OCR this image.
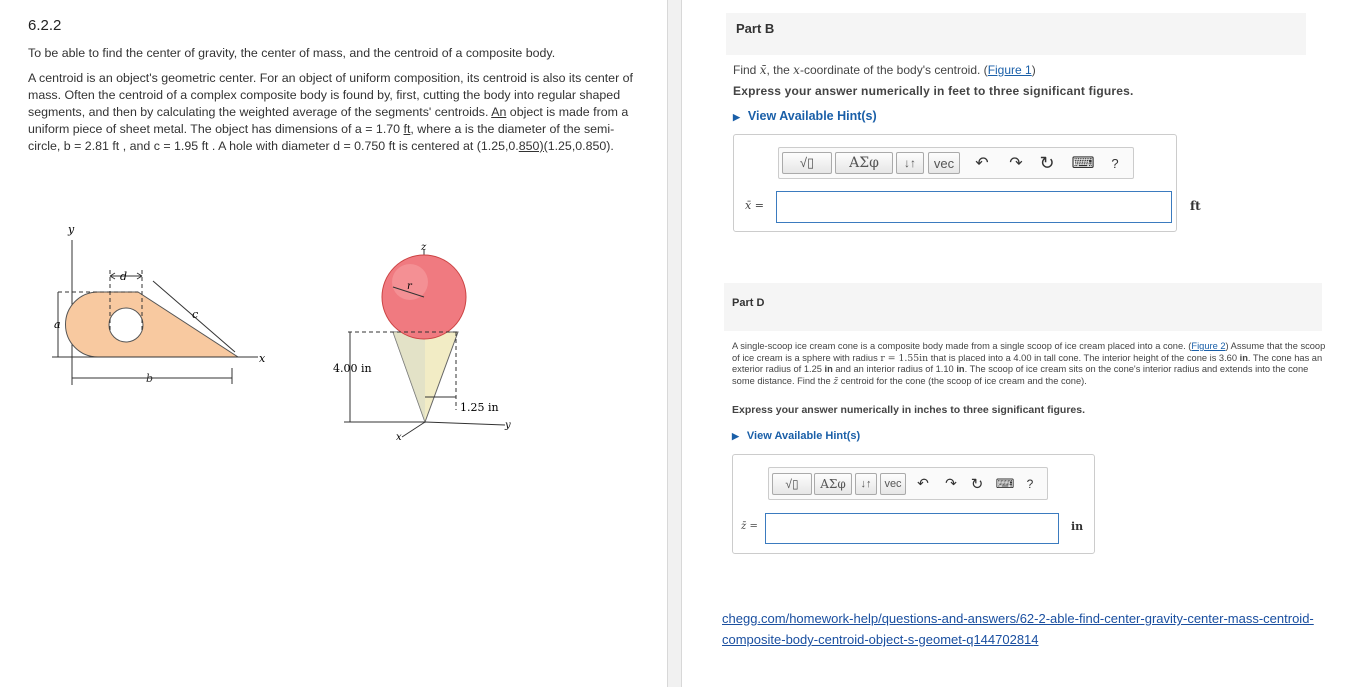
6.2.2
To be able to find the center of gravity, the center of mass, and the centroid of a composite body.
A centroid is an object's geometric center. For an object of uniform composition, its centroid is also its center of mass. Often the centroid of a complex composite body is found by, first, cutting the body into regular shaped segments, and then by calculating the weighted average of the segments' centroids. An object is made from a uniform piece of sheet metal. The object has dimensions of a = 1.70 ft, where a is the diameter of the semi-circle, b = 2.81 ft , and c = 1.95 ft . A hole with diameter d = 0.750 ft is centered at (1.25,0.850)(1.25,0.850).
d
c
a
b
y
x
z
r
4.00 in
1.25 in
y
x
Part B
Find x̄, the x-coordinate of the body's centroid. (Figure 1)
Express your answer numerically in feet to three significant figures.
▶ View Available Hint(s)
√▯	ΑΣφ	↓↑	vec	↶ ↷ ↻ ⌨ ?
x̄ =	ft
Part D
A single-scoop ice cream cone is a composite body made from a single scoop of ice cream placed into a cone. (Figure 2) Assume that the scoop of ice cream is a sphere with radius r = 1.55in that is placed into a 4.00 in tall cone. The interior height of the cone is 3.60 in. The cone has an exterior radius of 1.25 in and an interior radius of 1.10 in. The scoop of ice cream sits on the cone's interior radius and extends into the cone some distance. Find the z̄ centroid for the cone (the scoop of ice cream and the cone).
Express your answer numerically in inches to three significant figures.
▶ View Available Hint(s)
√▯	ΑΣφ	↓↑	vec	↶ ↷ ↻ ⌨ ?
z̄ =	in
chegg.com/homework-help/questions-and-answers/62-2-able-find-center-gravity-center-mass-centroid-composite-body-centroid-object-s-geomet-q144702814
